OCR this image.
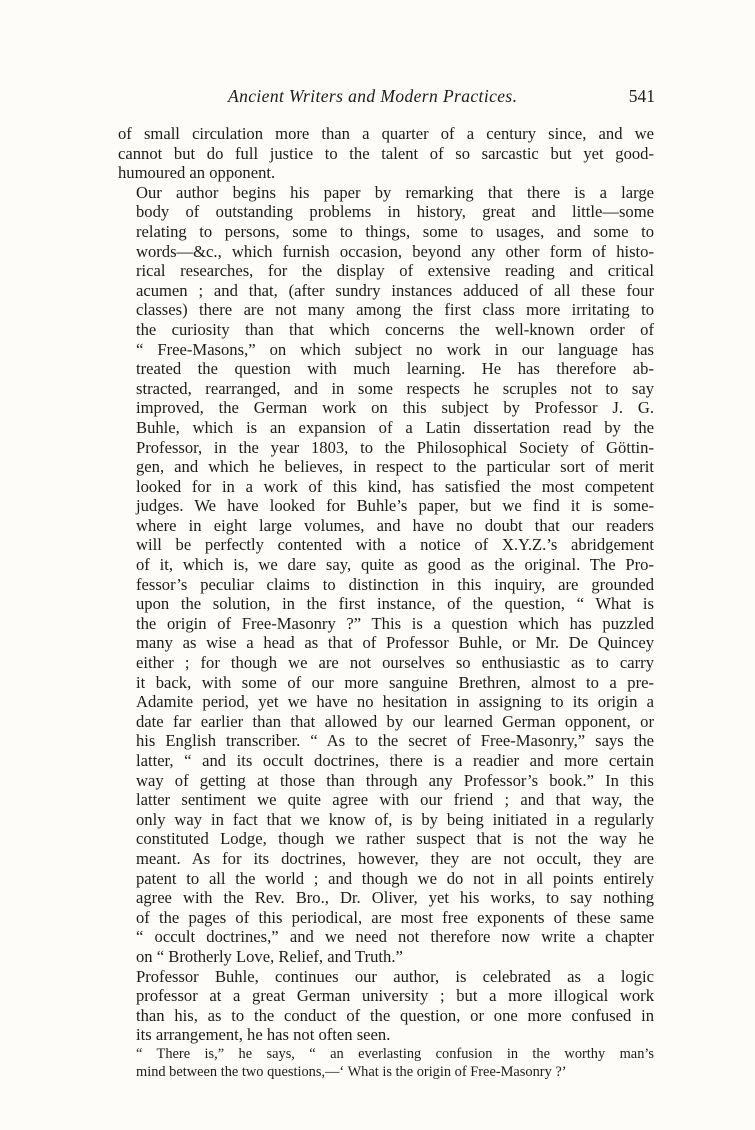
Ancient Writers and Modern Practices.	541

of small circulation more than a quarter of a century since, and we
cannot but do full justice to the talent of so sarcastic but yet good-
humoured an opponent.

Our author begins his paper by remarking that there is a large
body of outstanding problems in history, great and little—some
relating to persons, some to things, some to usages, and some to
words—&c., which furnish occasion, beyond any other form of histo-
rical researches, for the display of extensive reading and critical
acumen ; and that, (after sundry instances adduced of all these four
classes) there are not many among the first class more irritating to
the curiosity than that which concerns the well-known order of
“ Free-Masons,” on which subject no work in our language has
treated the question with much learning. He has therefore ab-
stracted, rearranged, and in some respects he scruples not to say
improved, the German work on this subject by Professor J. G.
Buhle, which is an expansion of a Latin dissertation read by the
Professor, in the year 1803, to the Philosophical Society of Göttin-
gen, and which he believes, in respect to the particular sort of merit
looked for in a work of this kind, has satisfied the most competent
judges. We have looked for Buhle’s paper, but we find it is some-
where in eight large volumes, and have no doubt that our readers
will be perfectly contented with a notice of X.Y.Z.’s abridgement
of it, which is, we dare say, quite as good as the original. The Pro-
fessor’s peculiar claims to distinction in this inquiry, are grounded
upon the solution, in the first instance, of the question, “ What is
the origin of Free-Masonry ?” This is a question which has puzzled
many as wise a head as that of Professor Buhle, or Mr. De Quincey
either ; for though we are not ourselves so enthusiastic as to carry
it back, with some of our more sanguine Brethren, almost to a pre-
Adamite period, yet we have no hesitation in assigning to its origin a
date far earlier than that allowed by our learned German opponent, or
his English transcriber. “ As to the secret of Free-Masonry,” says the
latter, “ and its occult doctrines, there is a readier and more certain
way of getting at those than through any Professor’s book.” In this
latter sentiment we quite agree with our friend ; and that way, the
only way in fact that we know of, is by being initiated in a regularly
constituted Lodge, though we rather suspect that is not the way he
meant. As for its doctrines, however, they are not occult, they are
patent to all the world ; and though we do not in all points entirely
agree with the Rev. Bro., Dr. Oliver, yet his works, to say nothing
of the pages of this periodical, are most free exponents of these same
“ occult doctrines,” and we need not therefore now write a chapter
on “ Brotherly Love, Relief, and Truth.”

Professor Buhle, continues our author, is celebrated as a logic
professor at a great German university ; but a more illogical work
than his, as to the conduct of the question, or one more confused in
its arrangement, he has not often seen.

“ There is,” he says, “ an everlasting confusion in the worthy man’s
mind between the two questions,—‘ What is the origin of Free-Masonry ?’
